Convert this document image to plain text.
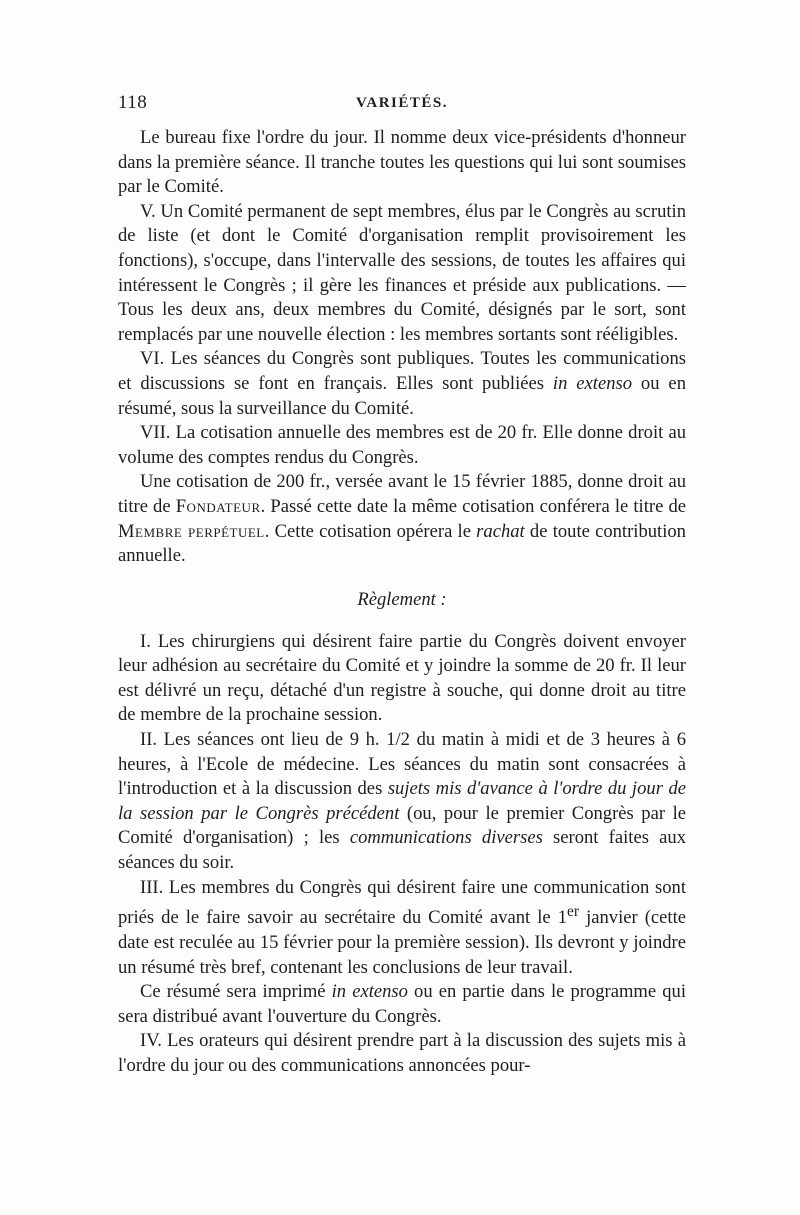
118	VARIÉTÉS.

Le bureau fixe l'ordre du jour. Il nomme deux vice-présidents d'honneur dans la première séance. Il tranche toutes les questions qui lui sont soumises par le Comité.

V. Un Comité permanent de sept membres, élus par le Congrès au scrutin de liste (et dont le Comité d'organisation remplit provisoirement les fonctions), s'occupe, dans l'intervalle des sessions, de toutes les affaires qui intéressent le Congrès ; il gère les finances et préside aux publications. — Tous les deux ans, deux membres du Comité, désignés par le sort, sont remplacés par une nouvelle élection : les membres sortants sont rééligibles.

VI. Les séances du Congrès sont publiques. Toutes les communications et discussions se font en français. Elles sont publiées in extenso ou en résumé, sous la surveillance du Comité.

VII. La cotisation annuelle des membres est de 20 fr. Elle donne droit au volume des comptes rendus du Congrès.

Une cotisation de 200 fr., versée avant le 15 février 1885, donne droit au titre de Fondateur. Passé cette date la même cotisation conférera le titre de Membre perpétuel. Cette cotisation opérera le rachat de toute contribution annuelle.

Règlement :

I. Les chirurgiens qui désirent faire partie du Congrès doivent envoyer leur adhésion au secrétaire du Comité et y joindre la somme de 20 fr. Il leur est délivré un reçu, détaché d'un registre à souche, qui donne droit au titre de membre de la prochaine session.

II. Les séances ont lieu de 9 h. 1/2 du matin à midi et de 3 heures à 6 heures, à l'Ecole de médecine. Les séances du matin sont consacrées à l'introduction et à la discussion des sujets mis d'avance à l'ordre du jour de la session par le Congrès précédent (ou, pour le premier Congrès par le Comité d'organisation) ; les communications diverses seront faites aux séances du soir.

III. Les membres du Congrès qui désirent faire une communication sont priés de le faire savoir au secrétaire du Comité avant le 1er janvier (cette date est reculée au 15 février pour la première session). Ils devront y joindre un résumé très bref, contenant les conclusions de leur travail.

Ce résumé sera imprimé in extenso ou en partie dans le programme qui sera distribué avant l'ouverture du Congrès.

IV. Les orateurs qui désirent prendre part à la discussion des sujets mis à l'ordre du jour ou des communications annoncées pour-
